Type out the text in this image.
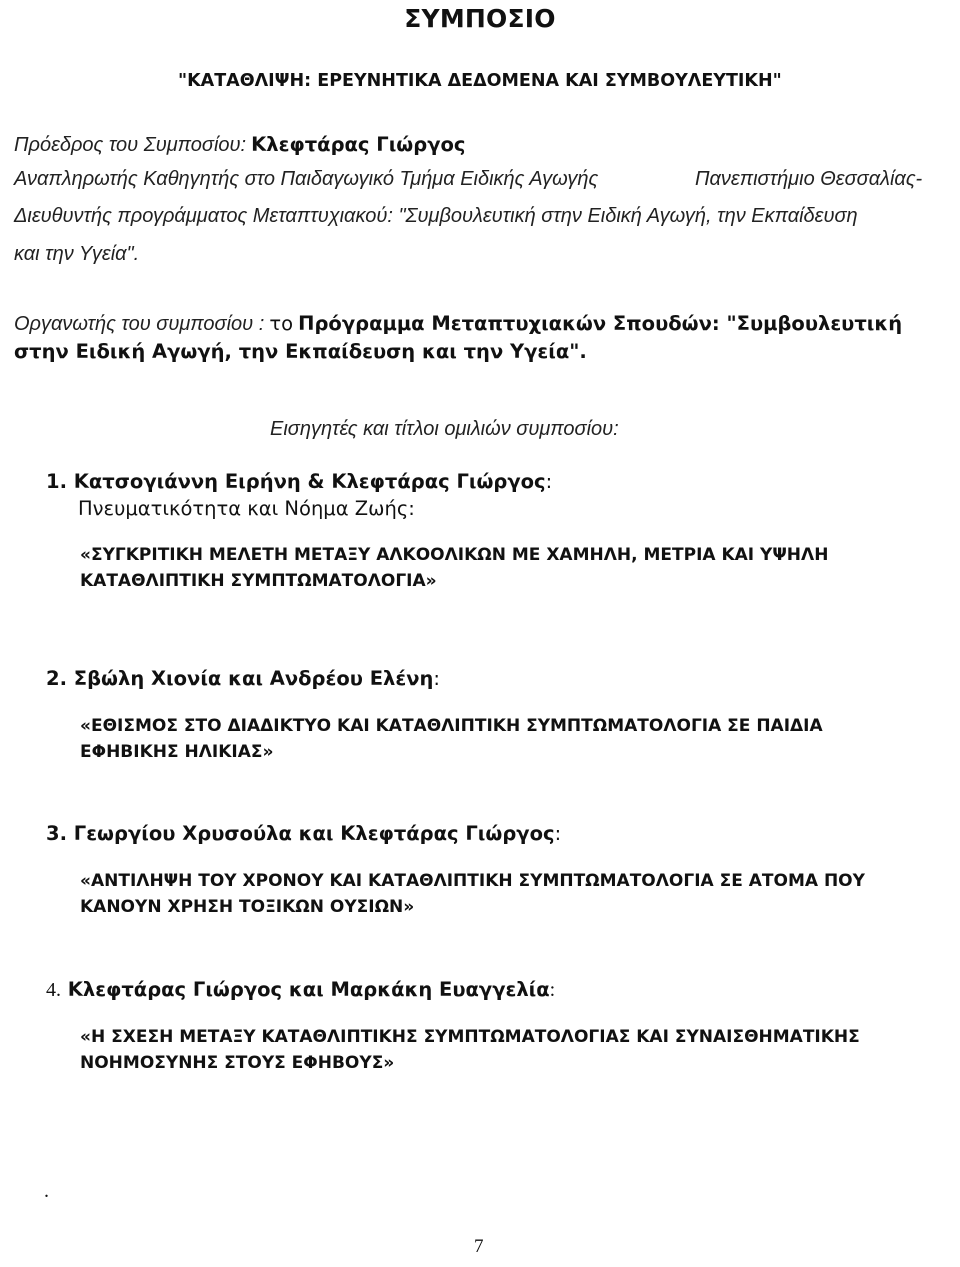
ΣΥΜΠΟΣΙΟ
"ΚΑΤΑΘΛΙΨΗ: ΕΡΕΥΝΗΤΙΚΑ ΔΕΔΟΜΕΝΑ ΚΑΙ ΣΥΜΒΟΥΛΕΥΤΙΚΗ"
Πρόεδρος του Συμποσίου: Κλεφτάρας Γιώργος
Αναπληρωτής Καθηγητής στο Παιδαγωγικό Τμήμα Ειδικής Αγωγής	Πανεπιστήμιο Θεσσαλίας-
Διευθυντής προγράμματος Μεταπτυχιακού: "Συμβουλευτική στην Ειδική Αγωγή, την Εκπαίδευση
και την Υγεία".
Οργανωτής του συμποσίου : το Πρόγραμμα Μεταπτυχιακών Σπουδών: "Συμβουλευτική
στην Ειδική Αγωγή, την Εκπαίδευση και την Υγεία".
Εισηγητές και τίτλοι ομιλιών συμποσίου:
1. Κατσογιάννη Ειρήνη & Κλεφτάρας Γιώργος:
Πνευματικότητα και Νόημα Ζωής:
«ΣΥΓΚΡΙΤΙΚΗ ΜΕΛΕΤΗ ΜΕΤΑΞΥ ΑΛΚΟΟΛΙΚΩΝ ΜΕ ΧΑΜΗΛΗ, ΜΕΤΡΙΑ ΚΑΙ ΥΨΗΛΗ
ΚΑΤΑΘΛΙΠΤΙΚΗ ΣΥΜΠΤΩΜΑΤΟΛΟΓΙΑ»
2. Σβώλη Χιονία και Ανδρέου Ελένη:
«ΕΘΙΣΜΟΣ ΣΤΟ ΔΙΑΔΙΚΤΥΟ ΚΑΙ ΚΑΤΑΘΛΙΠΤΙΚΗ ΣΥΜΠΤΩΜΑΤΟΛΟΓΙΑ ΣΕ ΠΑΙΔΙΑ
ΕΦΗΒΙΚΗΣ ΗΛΙΚΙΑΣ»
3. Γεωργίου Χρυσούλα και Κλεφτάρας Γιώργος:
«ΑΝΤΙΛΗΨΗ ΤΟΥ ΧΡΟΝΟΥ ΚΑΙ ΚΑΤΑΘΛΙΠΤΙΚΗ ΣΥΜΠΤΩΜΑΤΟΛΟΓΙΑ ΣΕ ΑΤΟΜΑ ΠΟΥ
ΚΑΝΟΥΝ ΧΡΗΣΗ ΤΟΞΙΚΩΝ ΟΥΣΙΩΝ»
4. Κλεφτάρας Γιώργος και Μαρκάκη Ευαγγελία:
«Η ΣΧΕΣΗ ΜΕΤΑΞΥ ΚΑΤΑΘΛΙΠΤΙΚΗΣ ΣΥΜΠΤΩΜΑΤΟΛΟΓΙΑΣ ΚΑΙ ΣΥΝΑΙΣΘΗΜΑΤΙΚΗΣ
ΝΟΗΜΟΣΥΝΗΣ ΣΤΟΥΣ ΕΦΗΒΟΥΣ»
.
7
